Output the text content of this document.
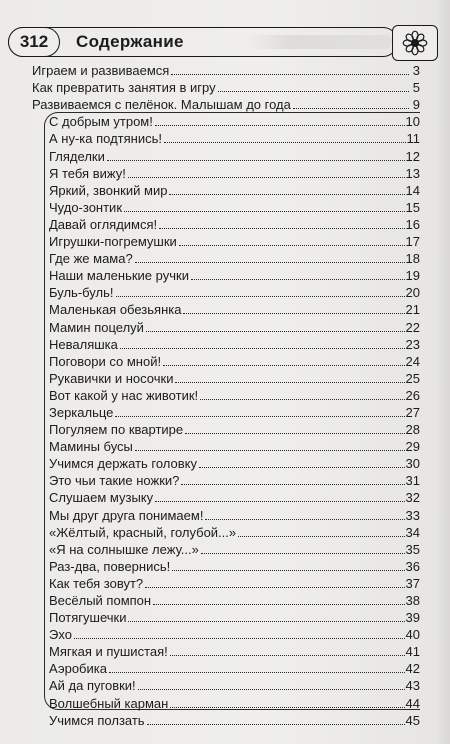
312	Содержание
Играем и развиваемся	3
Как превратить занятия в игру	5
Развиваемся с пелёнок. Малышам до года	9
С добрым утром!	10
А ну-ка подтянись!	11
Гляделки	12
Я тебя вижу!	13
Яркий, звонкий мир	14
Чудо-зонтик	15
Давай оглядимся!	16
Игрушки-погремушки	17
Где же мама?	18
Наши маленькие ручки	19
Буль-буль!	20
Маленькая обезьянка	21
Мамин поцелуй	22
Неваляшка	23
Поговори со мной!	24
Рукавички и носочки	25
Вот какой у нас животик!	26
Зеркальце	27
Погуляем по квартире	28
Мамины бусы	29
Учимся держать головку	30
Это чьи такие ножки?	31
Слушаем музыку	32
Мы друг друга понимаем!	33
«Жёлтый, красный, голубой...»	34
«Я на солнышке лежу...»	35
Раз-два, повернись!	36
Как тебя зовут?	37
Весёлый помпон	38
Потягушечки	39
Эхо	40
Мягкая и пушистая!	41
Аэробика	42
Ай да пуговки!	43
Волшебный карман	44
Учимся ползать	45
